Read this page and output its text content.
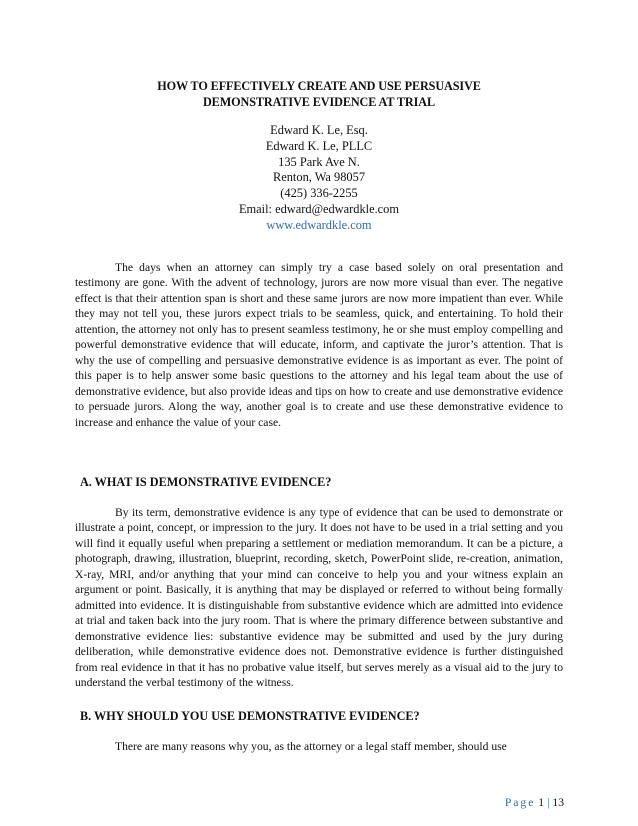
HOW TO EFFECTIVELY CREATE AND USE PERSUASIVE
DEMONSTRATIVE EVIDENCE AT TRIAL
Edward K. Le, Esq.
Edward K. Le, PLLC
135 Park Ave N.
Renton, Wa 98057
(425) 336-2255
Email: edward@edwardkle.com
www.edwardkle.com

The days when an attorney can simply try a case based solely on oral presentation and testimony are gone. With the advent of technology, jurors are now more visual than ever. The negative effect is that their attention span is short and these same jurors are now more impatient than ever. While they may not tell you, these jurors expect trials to be seamless, quick, and entertaining. To hold their attention, the attorney not only has to present seamless testimony, he or she must employ compelling and powerful demonstrative evidence that will educate, inform, and captivate the juror’s attention. That is why the use of compelling and persuasive demonstrative evidence is as important as ever. The point of this paper is to help answer some basic questions to the attorney and his legal team about the use of demonstrative evidence, but also provide ideas and tips on how to create and use demonstrative evidence to persuade jurors. Along the way, another goal is to create and use these demonstrative evidence to increase and enhance the value of your case.

A. WHAT IS DEMONSTRATIVE EVIDENCE?

By its term, demonstrative evidence is any type of evidence that can be used to demonstrate or illustrate a point, concept, or impression to the jury. It does not have to be used in a trial setting and you will find it equally useful when preparing a settlement or mediation memorandum. It can be a picture, a photograph, drawing, illustration, blueprint, recording, sketch, PowerPoint slide, re-creation, animation, X-ray, MRI, and/or anything that your mind can conceive to help you and your witness explain an argument or point. Basically, it is anything that may be displayed or referred to without being formally admitted into evidence. It is distinguishable from substantive evidence which are admitted into evidence at trial and taken back into the jury room. That is where the primary difference between substantive and demonstrative evidence lies: substantive evidence may be submitted and used by the jury during deliberation, while demonstrative evidence does not. Demonstrative evidence is further distinguished from real evidence in that it has no probative value itself, but serves merely as a visual aid to the jury to understand the verbal testimony of the witness.

B. WHY SHOULD YOU USE DEMONSTRATIVE EVIDENCE?

There are many reasons why you, as the attorney or a legal staff member, should use

Page 1 | 13
